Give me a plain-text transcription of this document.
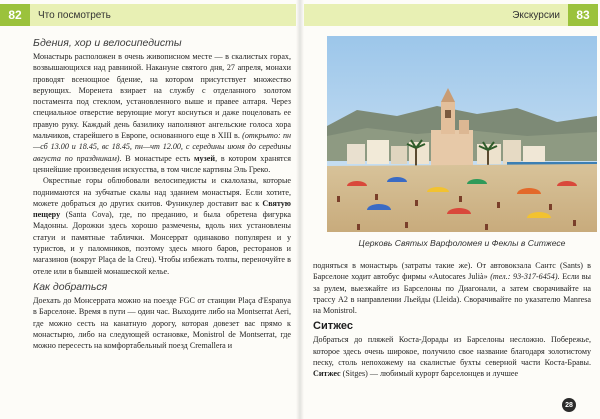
82	Что посмотреть
Бдения, хор и велосипедисты

Монастырь расположен в очень живописном месте — в скалистых горах, возвышающихся над равниной. Накануне святого дня, 27 апреля, монахи проводят всенощное бдение, на котором присутствует множество верующих. Моренета взирает на службу с отделанного золотом постамента под стеклом, установленного выше и правее алтаря. Через специальное отверстие верующие могут коснуться и даже поцеловать ее правую руку. Каждый день базилику наполняют ангельские голоса хора мальчиков, старейшего в Европе, основанного еще в XIII в. (открыто: пн—сб 13.00 и 18.45, вс 18.45, пн—чт 12.00, с середины июня до середины августа по праздникам). В монастыре есть музей, в котором хранятся ценнейшие произведения искусства, в том числе картины Эль Греко.

Окрестные горы облюбовали велосипедисты и скалолазы, которые поднимаются на зубчатые скалы над зданием монастыря. Если хотите, можете добраться до других скитов. Фуникулер доставит вас к Святую пещеру (Santa Cova), где, по преданию, и была обретена фигурка Мадонны. Дорожки здесь хорошо размечены, вдоль них установлены статуи и памятные таблички. Монсеррат одинаково популярен и у туристов, и у паломников, поэтому здесь много баров, ресторанов и магазинов (вокруг Plaça de la Creu). Чтобы избежать толпы, переночуйте в отеле или в бывшей монашеской келье.

Как добраться

Доехать до Монсеррата можно на поезде FGC от станции Plaça d'Espanya в Барселоне. Время в пути — один час. Выходите либо на Montserrat Aeri, где можно сесть на канатную дорогу, которая довезет вас прямо к монастырю, либо на следующей остановке, Monistrol de Montserrat, где можно пересесть на комфортабельный поезд Cremallera и

Экскурсии	83
Церковь Святых Варфоломея и Феклы в Ситжесе

подняться в монастырь (затраты такие же). От автовокзала Сантс (Sants) в Барселоне ходит автобус фирмы «Autocares Julià» (тел.: 93-317-6454). Если вы за рулем, выезжайте из Барселоны по Диагонали, а затем сворачивайте на трассу A2 в направлении Льейды (Lleida). Сворачивайте по указателю Manresa на Monistrol.

Ситжес

Добраться до пляжей Коста-Дорады из Барселоны несложно. Побережье, которое здесь очень широкое, получило свое название благодаря золотистому песку, столь непохожему на скалистые бухты северной части Коста-Бравы. Ситжес (Sitges) — любимый курорт барселонцев и лучшее

28
